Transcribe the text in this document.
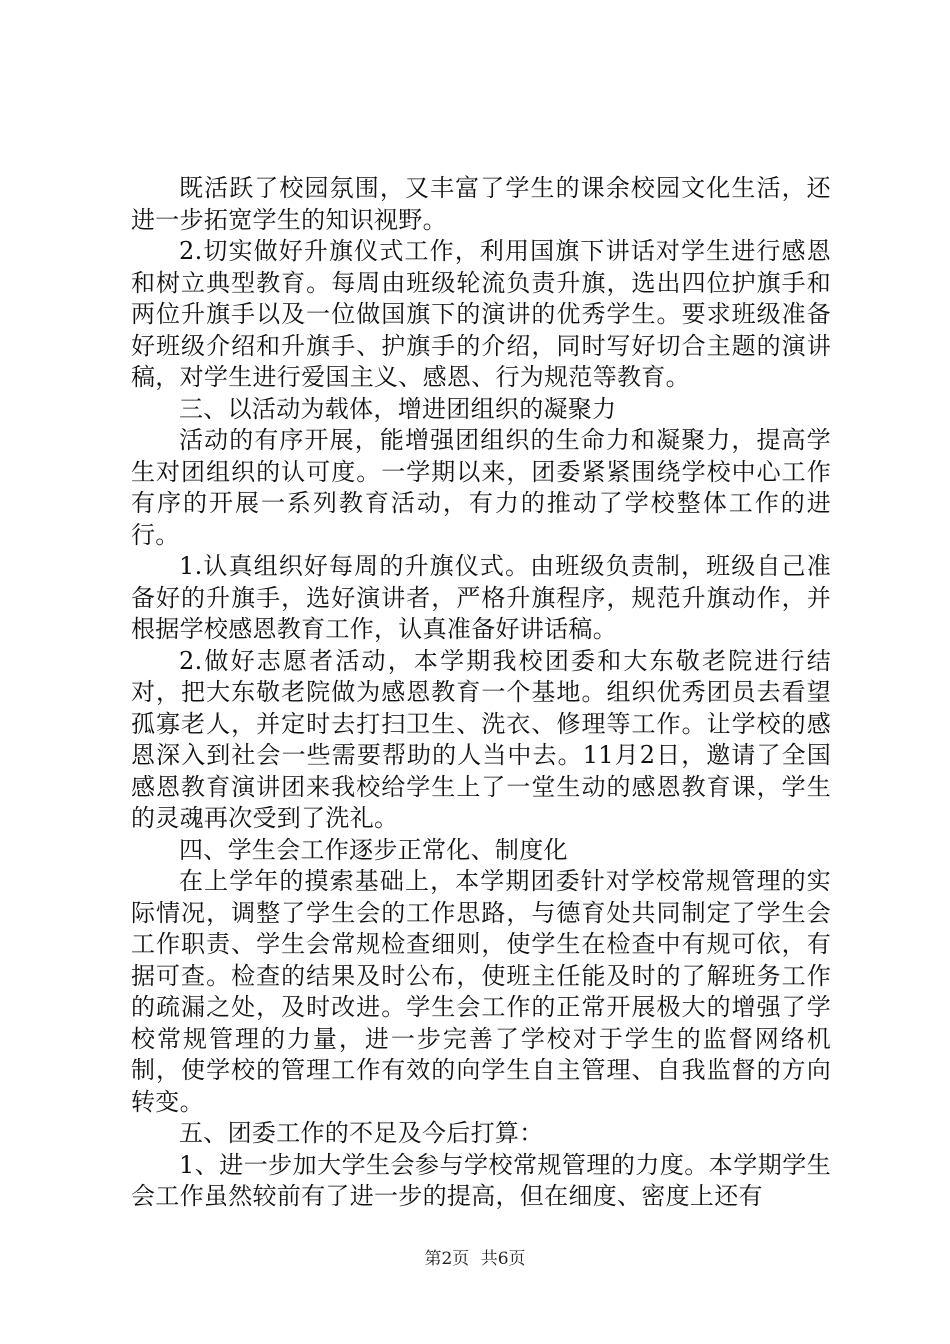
既活跃了校园氛围，又丰富了学生的课余校园文化生活，还进一步拓宽学生的知识视野。

2.切实做好升旗仪式工作，利用国旗下讲话对学生进行感恩和树立典型教育。每周由班级轮流负责升旗，选出四位护旗手和两位升旗手以及一位做国旗下的演讲的优秀学生。要求班级准备好班级介绍和升旗手、护旗手的介绍，同时写好切合主题的演讲稿，对学生进行爱国主义、感恩、行为规范等教育。

三、以活动为载体，增进团组织的凝聚力

活动的有序开展，能增强团组织的生命力和凝聚力，提高学生对团组织的认可度。一学期以来，团委紧紧围绕学校中心工作有序的开展一系列教育活动，有力的推动了学校整体工作的进行。

1.认真组织好每周的升旗仪式。由班级负责制，班级自己准备好的升旗手，选好演讲者，严格升旗程序，规范升旗动作，并根据学校感恩教育工作，认真准备好讲话稿。

2.做好志愿者活动，本学期我校团委和大东敬老院进行结对，把大东敬老院做为感恩教育一个基地。组织优秀团员去看望孤寡老人，并定时去打扫卫生、洗衣、修理等工作。让学校的感恩深入到社会一些需要帮助的人当中去。11月2日，邀请了全国感恩教育演讲团来我校给学生上了一堂生动的感恩教育课，学生的灵魂再次受到了洗礼。

四、学生会工作逐步正常化、制度化

在上学年的摸索基础上，本学期团委针对学校常规管理的实际情况，调整了学生会的工作思路，与德育处共同制定了学生会工作职责、学生会常规检查细则，使学生在检查中有规可依，有据可查。检查的结果及时公布，使班主任能及时的了解班务工作的疏漏之处，及时改进。学生会工作的正常开展极大的增强了学校常规管理的力量，进一步完善了学校对于学生的监督网络机制，使学校的管理工作有效的向学生自主管理、自我监督的方向转变。

五、团委工作的不足及今后打算：

1、进一步加大学生会参与学校常规管理的力度。本学期学生会工作虽然较前有了进一步的提高，但在细度、密度上还有

第2页 共6页
